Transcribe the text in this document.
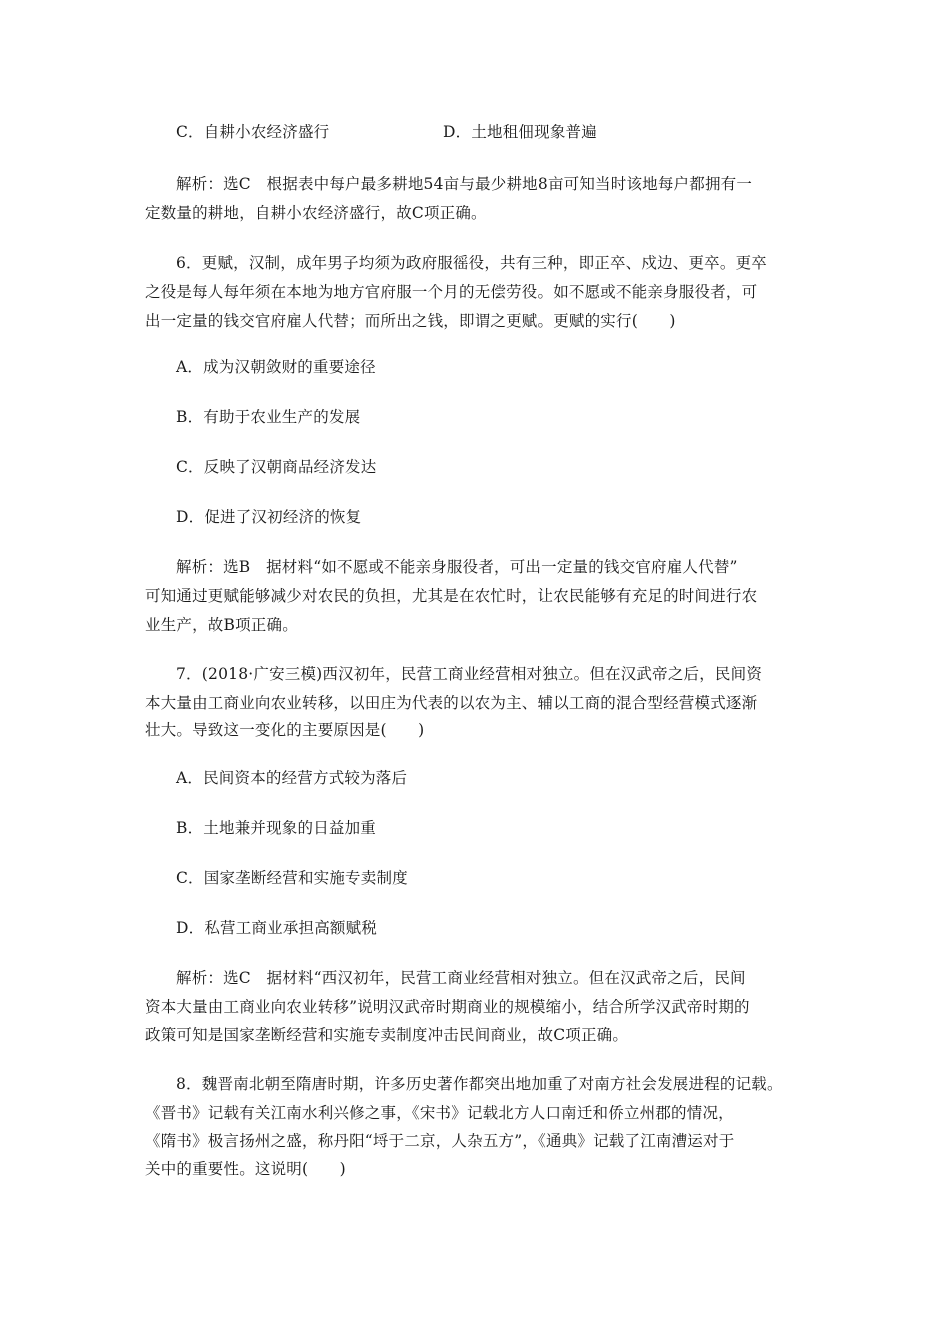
C．自耕小农经济盛行	D．土地租佃现象普遍
解析：选C　根据表中每户最多耕地54亩与最少耕地8亩可知当时该地每户都拥有一
定数量的耕地，自耕小农经济盛行，故C项正确。
6．更赋，汉制，成年男子均须为政府服徭役，共有三种，即正卒、戍边、更卒。更卒
之役是每人每年须在本地为地方官府服一个月的无偿劳役。如不愿或不能亲身服役者，可
出一定量的钱交官府雇人代替；而所出之钱，即谓之更赋。更赋的实行(　　)
A．成为汉朝敛财的重要途径
B．有助于农业生产的发展
C．反映了汉朝商品经济发达
D．促进了汉初经济的恢复
解析：选B　据材料“如不愿或不能亲身服役者，可出一定量的钱交官府雇人代替”
可知通过更赋能够减少对农民的负担，尤其是在农忙时，让农民能够有充足的时间进行农
业生产，故B项正确。
7．(2018·广安三模)西汉初年，民营工商业经营相对独立。但在汉武帝之后，民间资
本大量由工商业向农业转移，以田庄为代表的以农为主、辅以工商的混合型经营模式逐渐
壮大。导致这一变化的主要原因是(　　)
A．民间资本的经营方式较为落后
B．土地兼并现象的日益加重
C．国家垄断经营和实施专卖制度
D．私营工商业承担高额赋税
解析：选C　据材料“西汉初年，民营工商业经营相对独立。但在汉武帝之后，民间
资本大量由工商业向农业转移”说明汉武帝时期商业的规模缩小，结合所学汉武帝时期的
政策可知是国家垄断经营和实施专卖制度冲击民间商业，故C项正确。
8．魏晋南北朝至隋唐时期，许多历史著作都突出地加重了对南方社会发展进程的记载。
《晋书》记载有关江南水利兴修之事，《宋书》记载北方人口南迁和侨立州郡的情况，
《隋书》极言扬州之盛，称丹阳“埒于二京，人杂五方”，《通典》记载了江南漕运对于
关中的重要性。这说明(　　)
